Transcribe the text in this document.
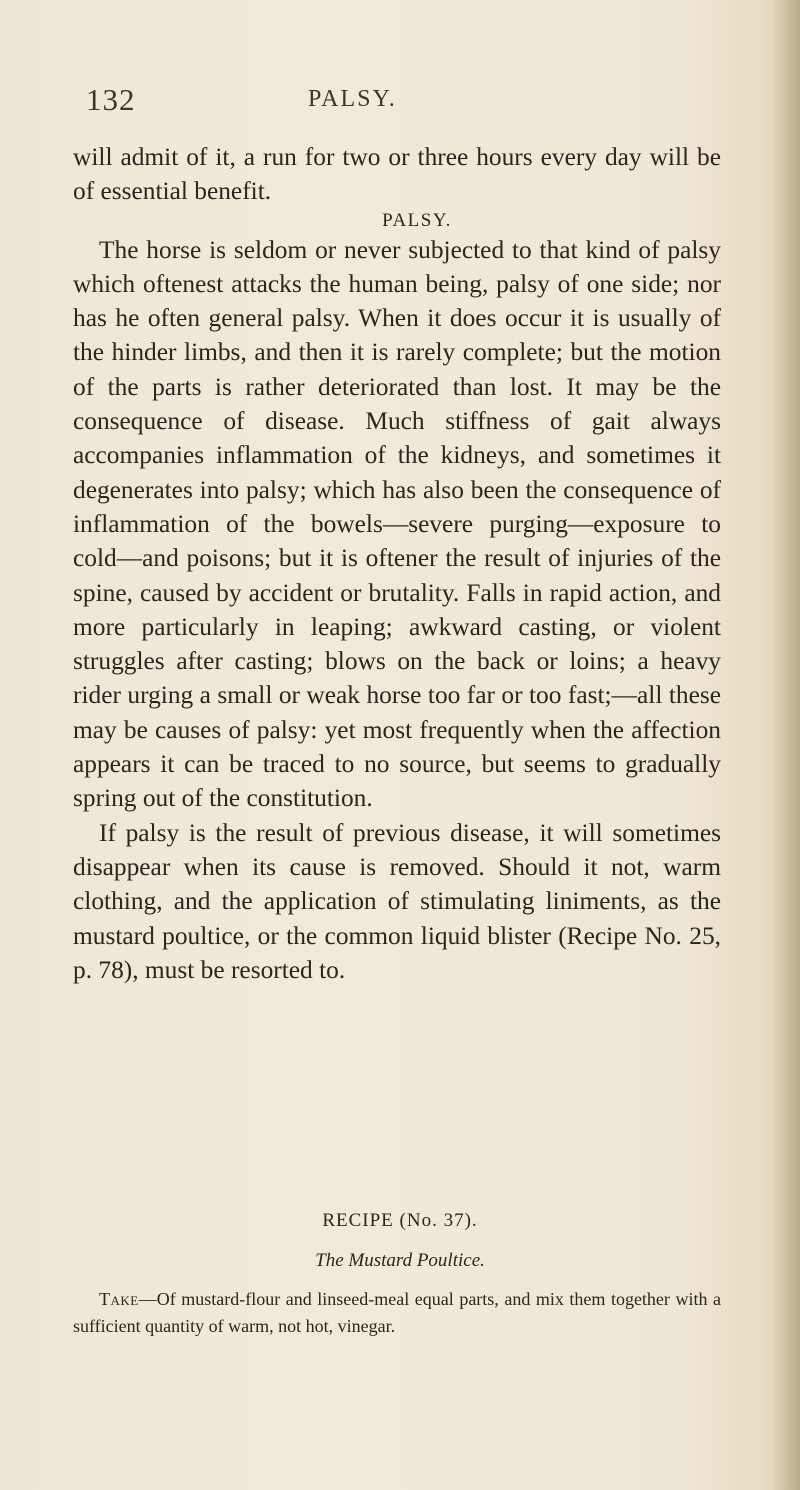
132	PALSY.

will admit of it, a run for two or three hours every day will be of essential benefit.

PALSY.

The horse is seldom or never subjected to that kind of palsy which oftenest attacks the human being, palsy of one side; nor has he often general palsy. When it does occur it is usually of the hinder limbs, and then it is rarely complete; but the motion of the parts is rather deteriorated than lost. It may be the consequence of disease. Much stiffness of gait always accompanies inflammation of the kidneys, and sometimes it degenerates into palsy; which has also been the consequence of inflammation of the bowels—severe purging—exposure to cold—and poisons; but it is oftener the result of injuries of the spine, caused by accident or brutality. Falls in rapid action, and more particularly in leaping; awkward casting, or violent struggles after casting; blows on the back or loins; a heavy rider urging a small or weak horse too far or too fast;—all these may be causes of palsy: yet most frequently when the affection appears it can be traced to no source, but seems to gradually spring out of the constitution.

If palsy is the result of previous disease, it will sometimes disappear when its cause is removed. Should it not, warm clothing, and the application of stimulating liniments, as the mustard poultice, or the common liquid blister (Recipe No. 25, p. 78), must be resorted to.

RECIPE (No. 37).

The Mustard Poultice.

Take—Of mustard-flour and linseed-meal equal parts, and mix them together with a sufficient quantity of warm, not hot, vinegar.
